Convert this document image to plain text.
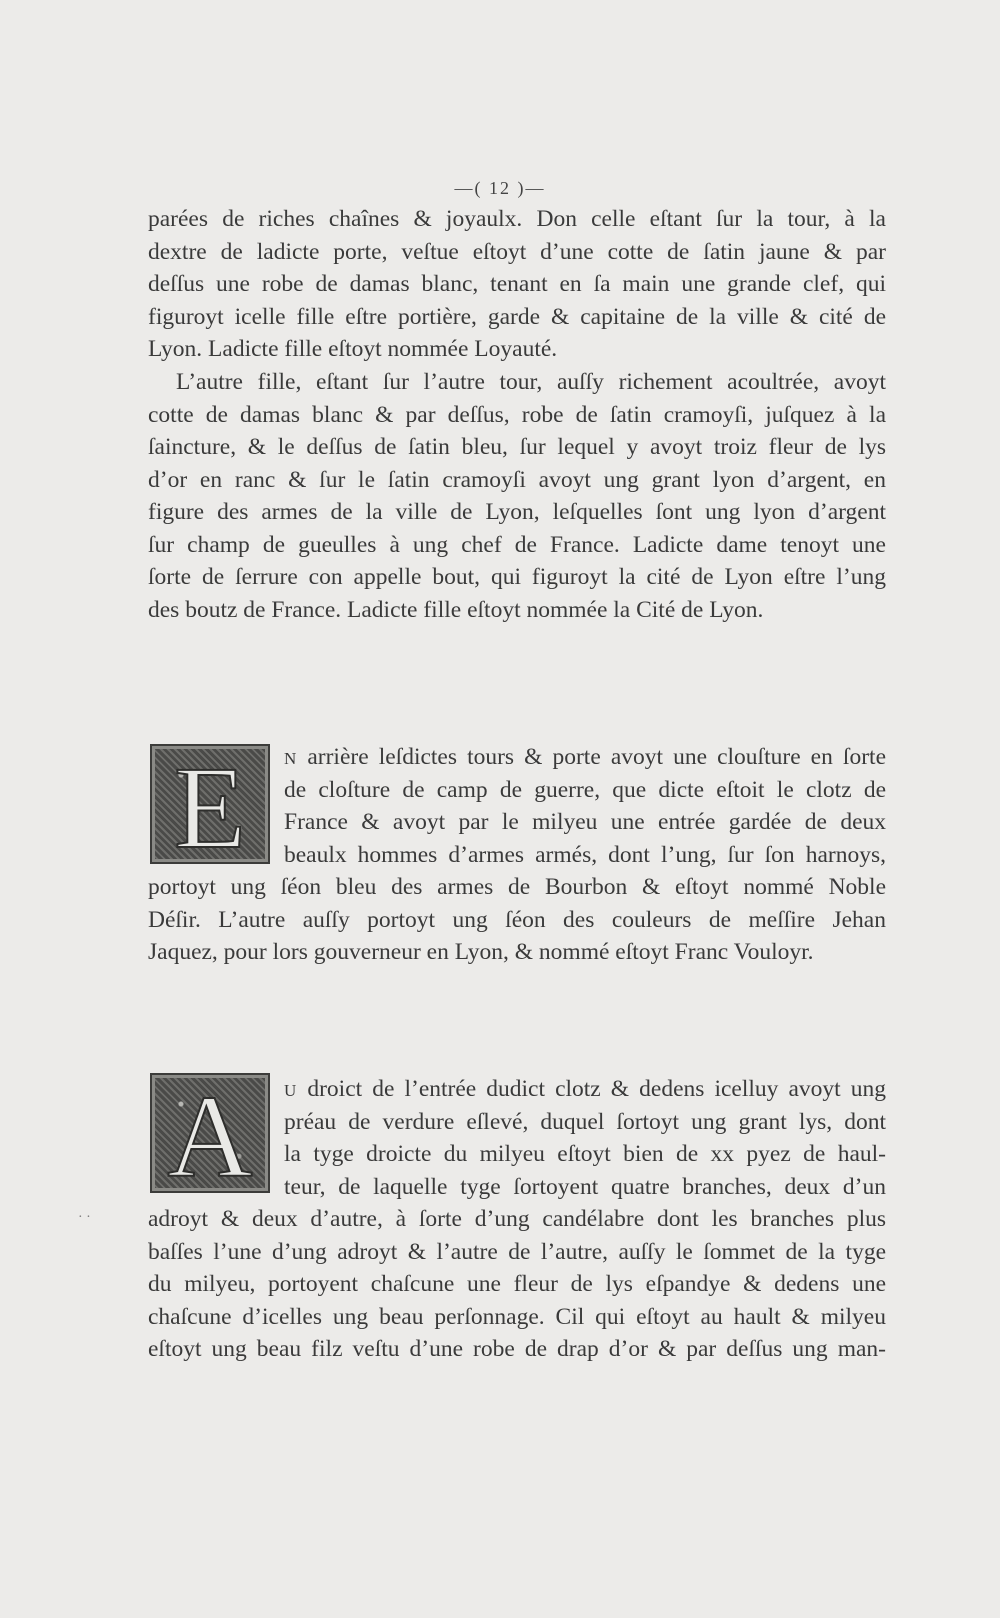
—( 12 )—
parées de riches chaînes & joyaulx. Don celle eſtant ſur la tour, à la
dextre de ladicte porte, veſtue eſtoyt d’une cotte de ſatin jaune & par
deſſus une robe de damas blanc, tenant en ſa main une grande clef, qui
figuroyt icelle fille eſtre portière, garde & capitaine de la ville & cité de
Lyon. Ladicte fille eſtoyt nommée Loyauté.
L’autre fille, eſtant ſur l’autre tour, auſſy richement acoultrée, avoyt
cotte de damas blanc & par deſſus, robe de ſatin cramoyſi, juſquez à la
ſaincture, & le deſſus de ſatin bleu, ſur lequel y avoyt troiz fleur de lys
d’or en ranc & ſur le ſatin cramoyſi avoyt ung grant lyon d’argent, en
figure des armes de la ville de Lyon, leſquelles ſont ung lyon d’argent
ſur champ de gueulles à ung chef de France. Ladicte dame tenoyt une
ſorte de ſerrure con appelle bout, qui figuroyt la cité de Lyon eſtre l’ung
des boutz de France. Ladicte fille eſtoyt nommée la Cité de Lyon.
E	N arrière leſdictes tours & porte avoyt une clouſture en ſorte
de cloſture de camp de guerre, que dicte eſtoit le clotz de
France & avoyt par le milyeu une entrée gardée de deux
beaulx hommes d’armes armés, dont l’ung, ſur ſon harnoys,
portoyt ung ſéon bleu des armes de Bourbon & eſtoyt nommé Noble
Déſir. L’autre auſſy portoyt ung ſéon des couleurs de meſſire Jehan
Jaquez, pour lors gouverneur en Lyon, & nommé eſtoyt Franc Vouloyr.
A	U droict de l’entrée dudict clotz & dedens icelluy avoyt ung
préau de verdure eſlevé, duquel ſortoyt ung grant lys, dont
la tyge droicte du milyeu eſtoyt bien de xx pyez de haul-
teur, de laquelle tyge ſortoyent quatre branches, deux d’un
adroyt & deux d’autre, à ſorte d’ung candélabre dont les branches plus
baſſes l’une d’ung adroyt & l’autre de l’autre, auſſy le ſommet de la tyge
du milyeu, portoyent chaſcune une fleur de lys eſpandye & dedens une
chaſcune d’icelles ung beau perſonnage. Cil qui eſtoyt au hault & milyeu
eſtoyt ung beau filz veſtu d’une robe de drap d’or & par deſſus ung man-
· ·
